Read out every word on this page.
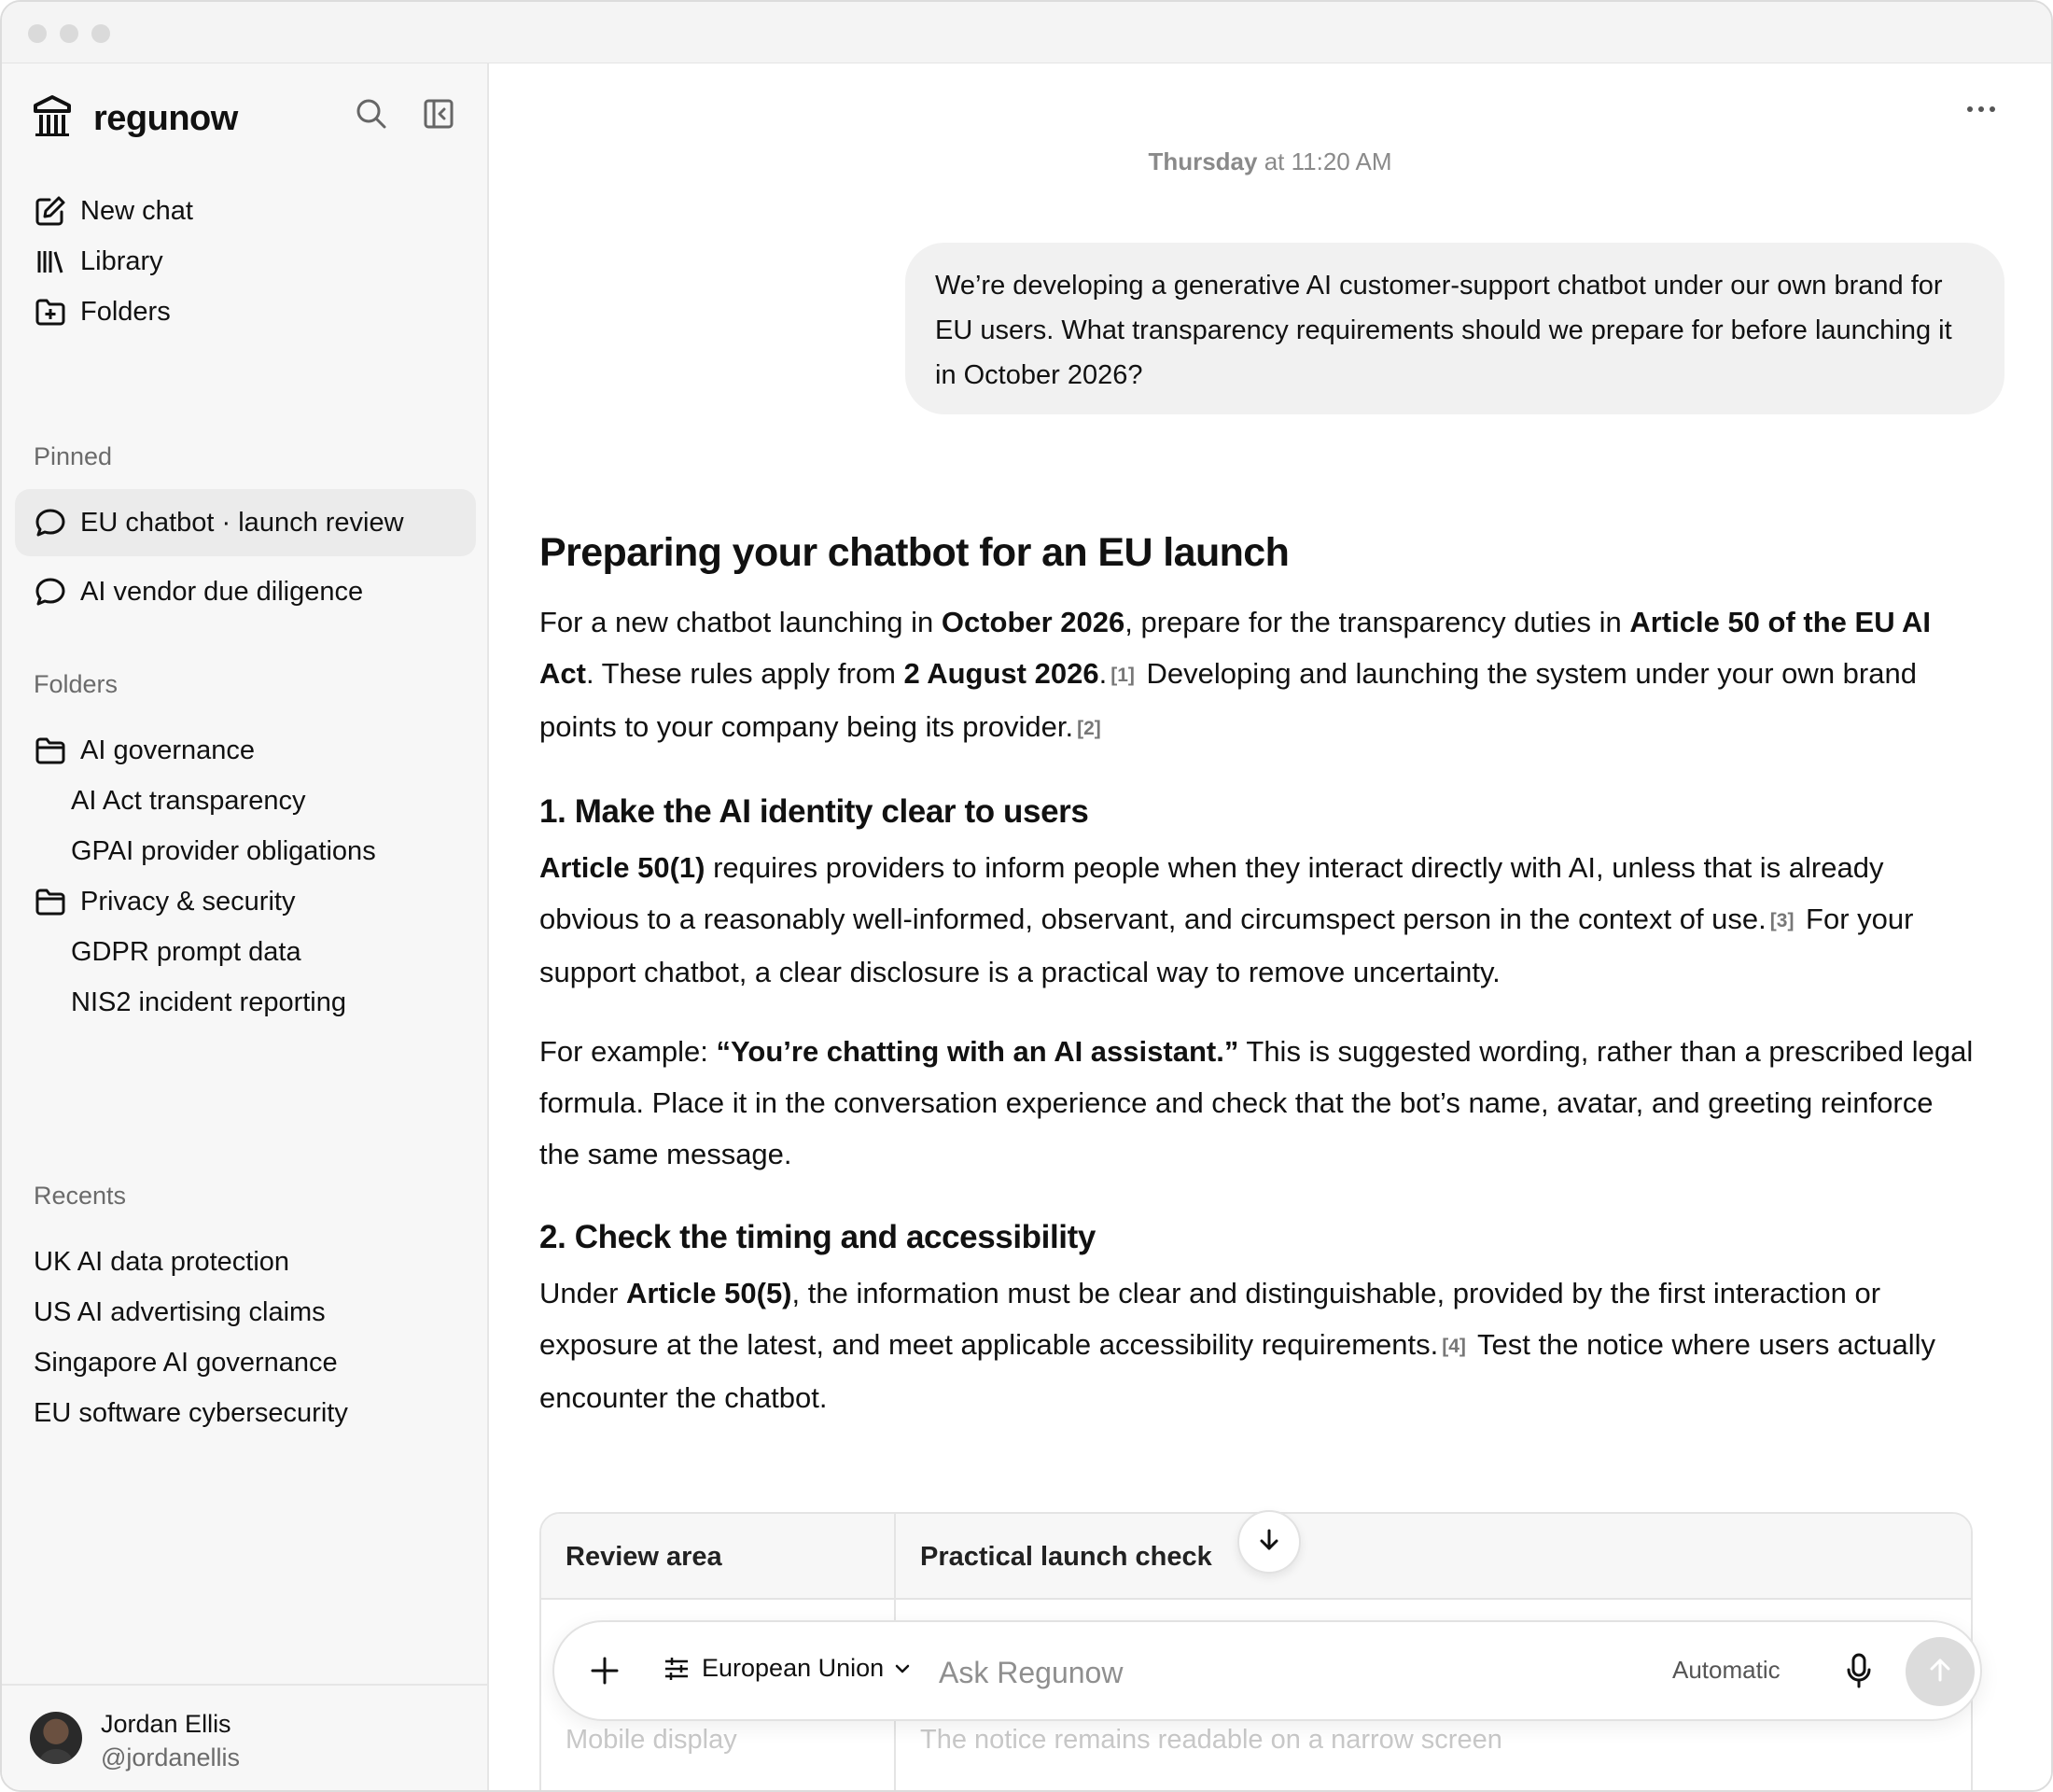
regunow
New chat
Library
Folders
Pinned
EU chatbot · launch review
AI vendor due diligence
Folders
AI governance
AI Act transparency
GPAI provider obligations
Privacy & security
GDPR prompt data
NIS2 incident reporting
Recents
UK AI data protection
US AI advertising claims
Singapore AI governance
EU software cybersecurity
Jordan Ellis
@jordanellis
Thursday at 11:20 AM
We’re developing a generative AI customer-support chatbot under our own brand for EU users. What transparency requirements should we prepare for before launching it in October 2026?
Preparing your chatbot for an EU launch

For a new chatbot launching in October 2026, prepare for the transparency duties in Article 50 of the EU AI Act. These rules apply from 2 August 2026. [1] Developing and launching the system under your own brand points to your company being its provider. [2]

1. Make the AI identity clear to users

Article 50(1) requires providers to inform people when they interact directly with AI, unless that is already obvious to a reasonably well-informed, observant, and circumspect person in the context of use. [3] For your support chatbot, a clear disclosure is a practical way to remove uncertainty.

For example: “You’re chatting with an AI assistant.” This is suggested wording, rather than a prescribed legal formula. Place it in the conversation experience and check that the bot’s name, avatar, and greeting reinforce the same message.

2. Check the timing and accessibility

Under Article 50(5), the information must be clear and distinguishable, provided by the first interaction or exposure at the latest, and meet applicable accessibility requirements. [4] Test the notice where users actually encounter the chatbot.

Review area	Practical launch check
Mobile display	The notice remains readable on a narrow screen
European Union
Ask Regunow	Automatic
